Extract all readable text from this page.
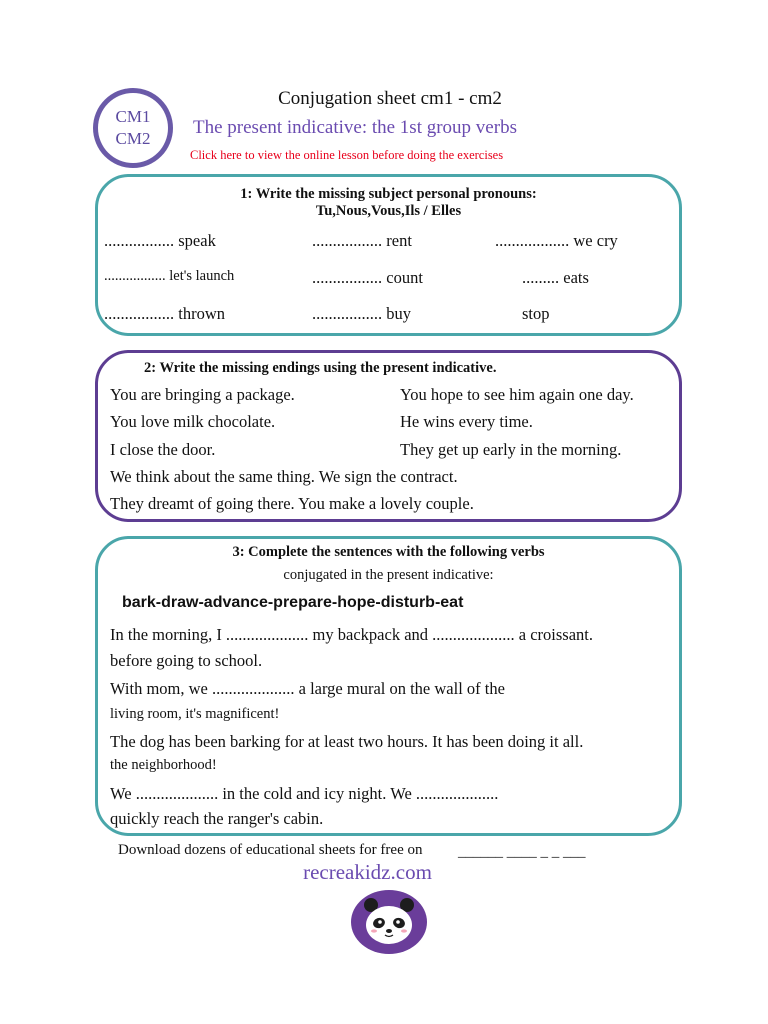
CM1
CM2
Conjugation sheet cm1 - cm2
The present indicative: the 1st group verbs
Click here to view the online lesson before doing the exercises
1: Write the missing subject personal pronouns:
Tu,Nous,Vous,Ils / Elles
................. speak	................. rent	.................. we cry
................. let's launch	................. count	......... eats
................. thrown	................. buy	stop
2: Write the missing endings using the present indicative.
You are bringing a package.	You hope to see him again one day.
You love milk chocolate.	He wins every time.
I close the door.	They get up early in the morning.
We think about the same thing. We sign the contract.
They dreamt of going there. You make a lovely couple.
3: Complete the sentences with the following verbs
conjugated in the present indicative:
bark-draw-advance-prepare-hope-disturb-eat
In the morning, I .................... my backpack and .................... a croissant.
before going to school.
With mom, we .................... a large mural on the wall of the
living room, it's magnificent!
The dog has been barking for at least two hours. It has been doing it all.
the neighborhood!
We .................... in the cold and icy night. We ....................
quickly reach the ranger's cabin.
Download dozens of educational sheets for free on ______ ____ _ _ ___
recreakidz.com
